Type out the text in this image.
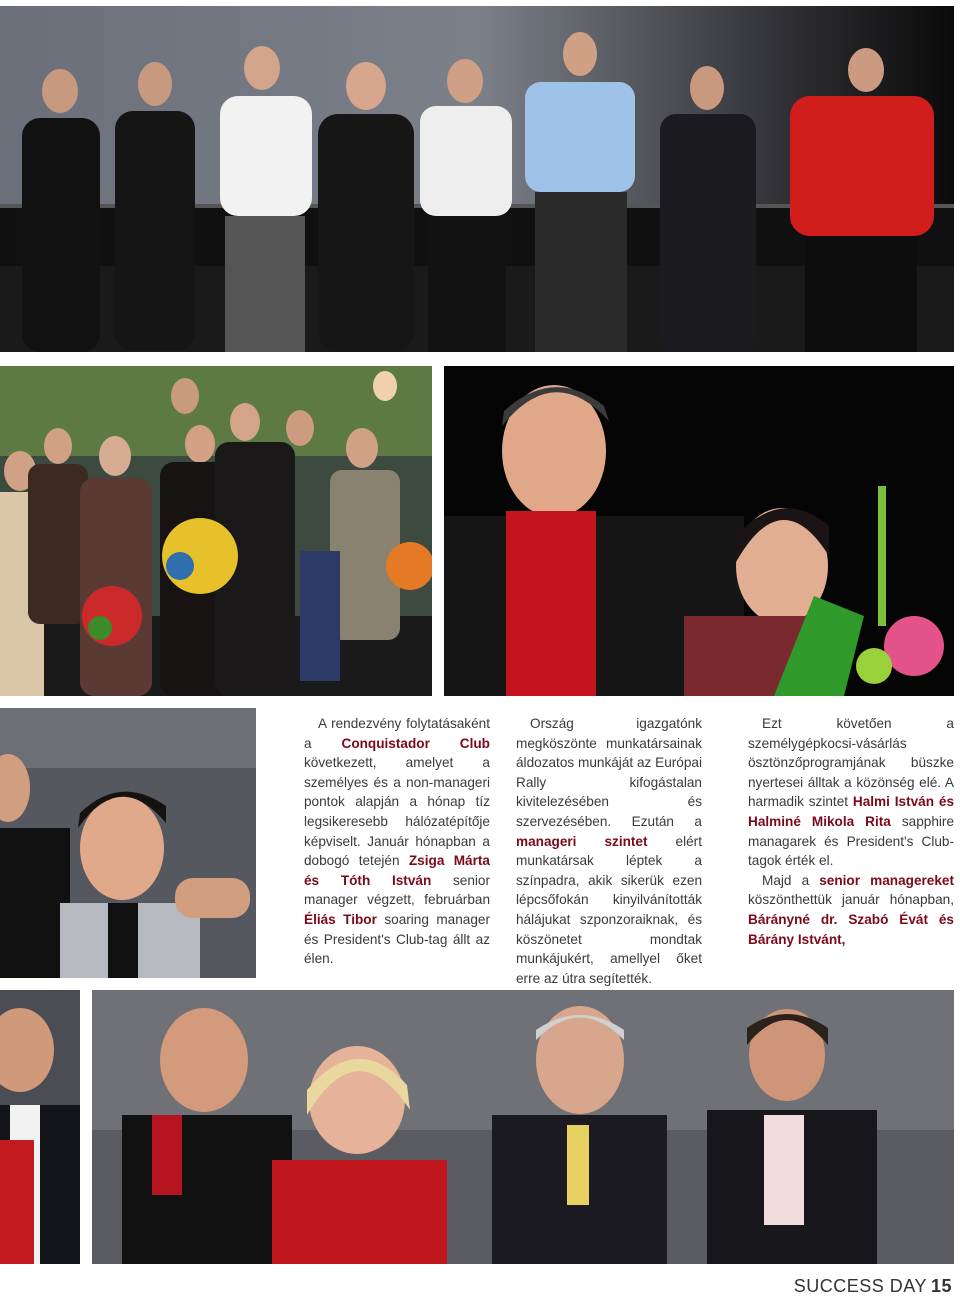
A rendezvény folytatásaként a Conquistador Club következett, amelyet a személyes és a non-manageri pontok alapján a hónap tíz legsikeresebb hálózatépítője képviselt. Január hónapban a dobogó tetején Zsiga Márta és Tóth István senior manager végzett, februárban Éliás Tibor soaring manager és President's Club-tag állt az élen.

Ország igazgatónk megköszönte munkatársainak áldozatos munkáját az Európai Rally kifogástalan kivitelezésében és szervezésében. Ezután a manageri szintet elért munkatársak léptek a színpadra, akik sikerük ezen lépcsőfokán kinyilvánították hálájukat szponzoraiknak, és köszönetet mondtak munkájukért, amellyel őket erre az útra segítették.

Ezt követően a személygépkocsi-vásárlás ösztönzőprogramjának büszke nyertesei álltak a közönség elé. A harmadik szintet Halmi István és Halminé Mikola Rita sapphire managarek és President's Club-tagok érték el.

Majd a senior managereket köszönthettük január hónapban, Bárányné dr. Szabó Évát és Bárány Istvánt,

SUCCESS DAY 15
